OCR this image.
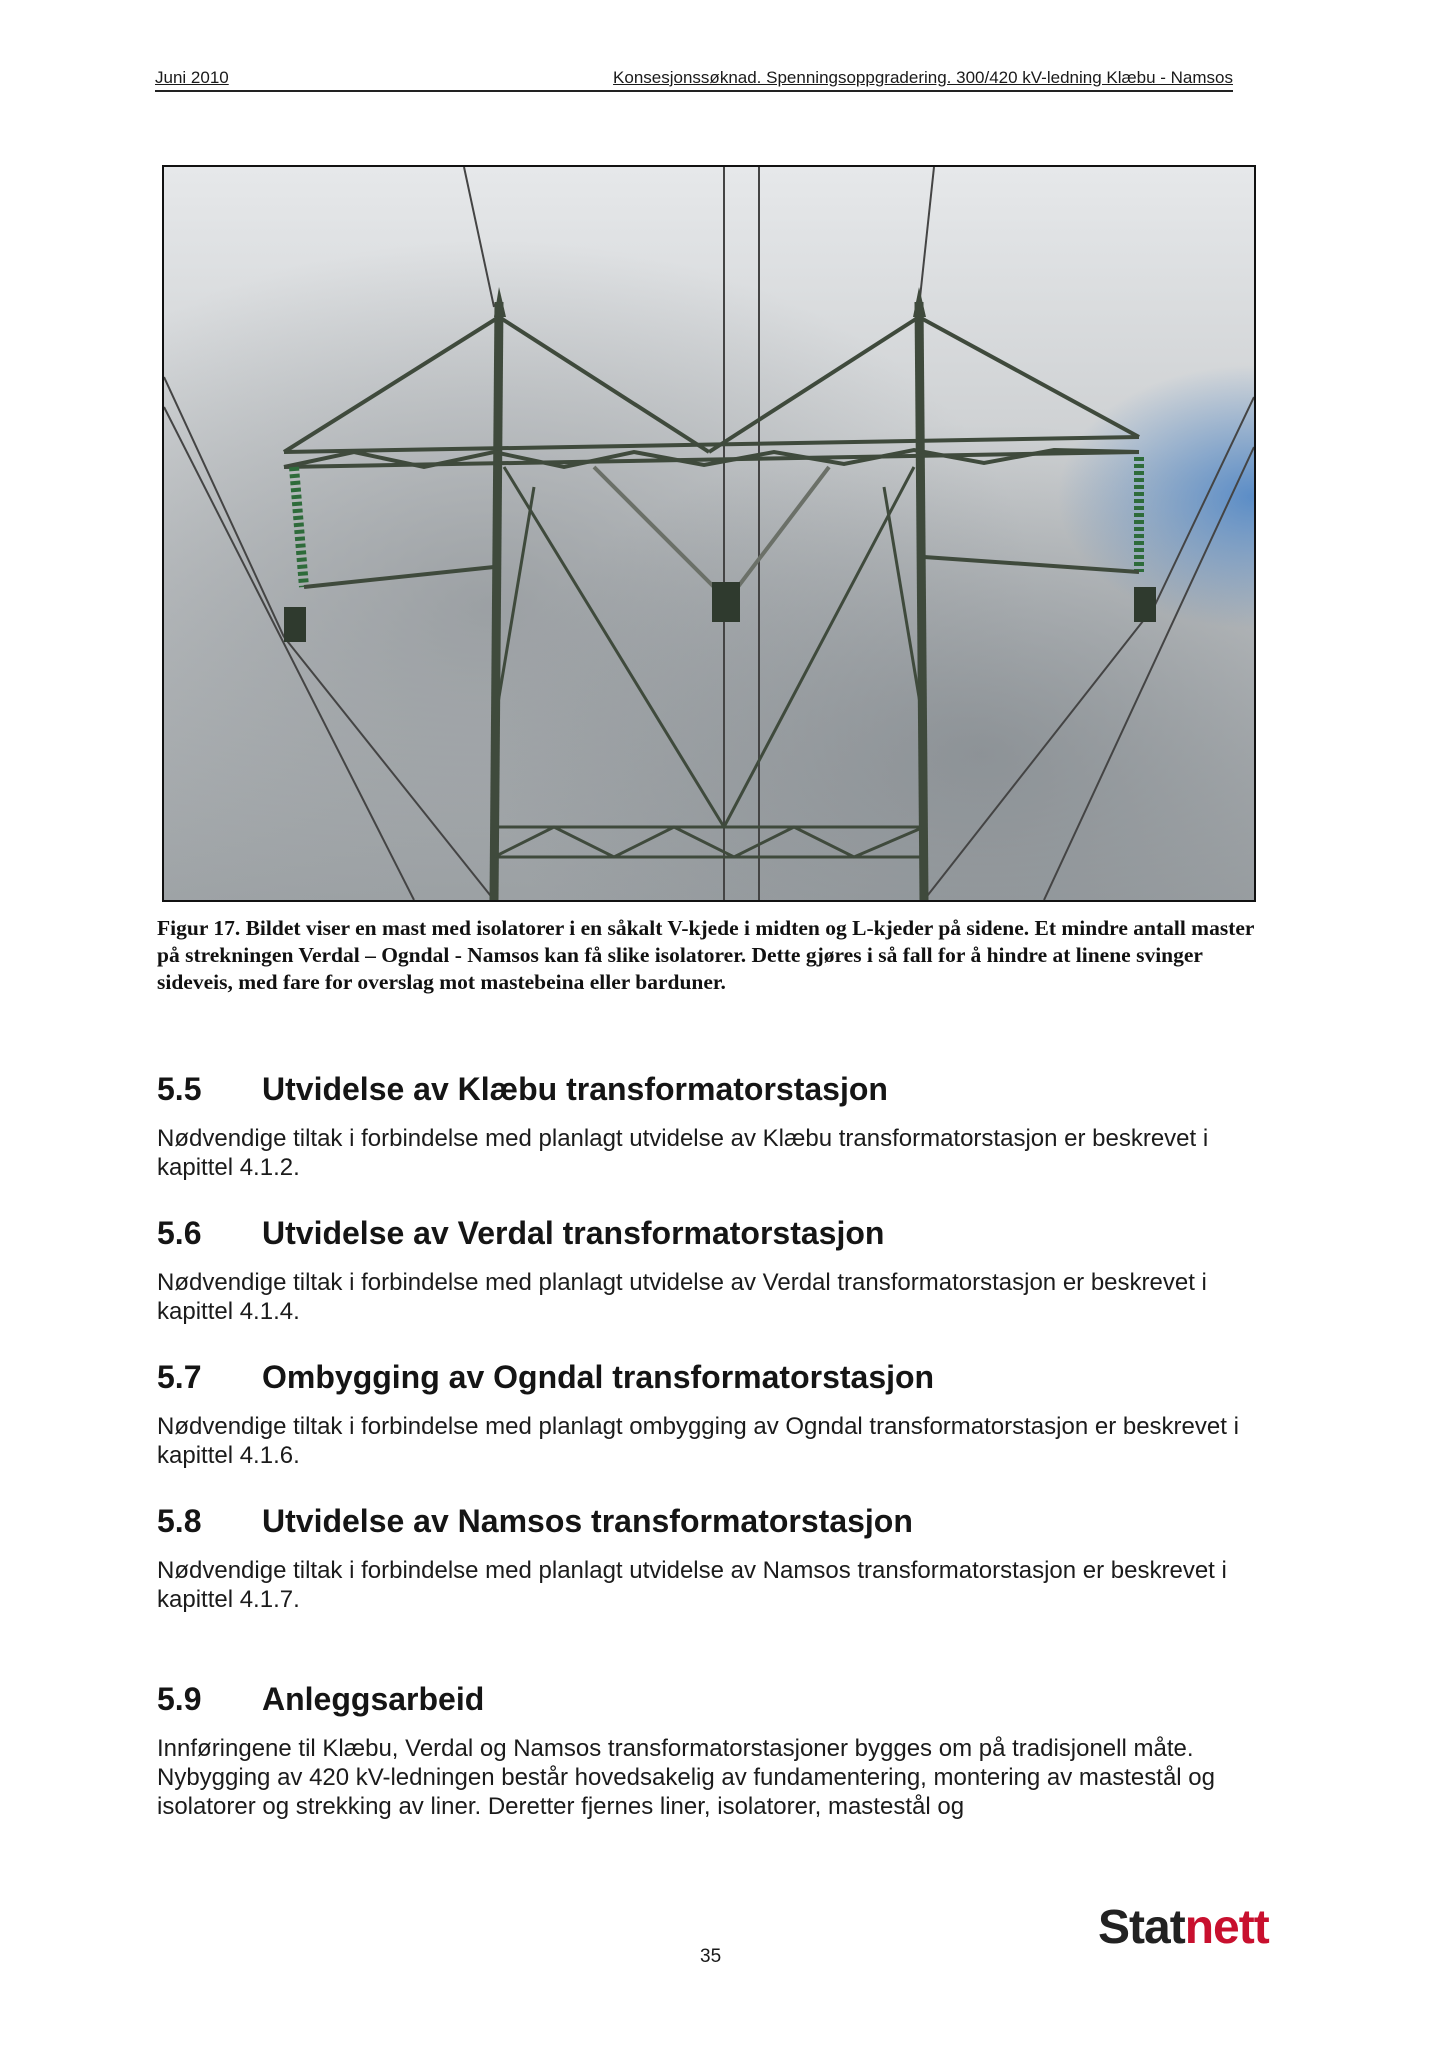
Juni 2010	Konsesjonssøknad. Spenningsoppgradering. 300/420 kV-ledning Klæbu - Namsos

Figur 17. Bildet viser en mast med isolatorer i en såkalt V-kjede i midten og L-kjeder på sidene. Et mindre antall master på strekningen Verdal – Ogndal - Namsos kan få slike isolatorer. Dette gjøres i så fall for å hindre at linene svinger sideveis, med fare for overslag mot mastebeina eller barduner.

5.5 Utvidelse av Klæbu transformatorstasjon

Nødvendige tiltak i forbindelse med planlagt utvidelse av Klæbu transformatorstasjon er beskrevet i kapittel 4.1.2.

5.6 Utvidelse av Verdal transformatorstasjon

Nødvendige tiltak i forbindelse med planlagt utvidelse av Verdal transformatorstasjon er beskrevet i kapittel 4.1.4.

5.7 Ombygging av Ogndal transformatorstasjon

Nødvendige tiltak i forbindelse med planlagt ombygging av Ogndal transformatorstasjon er beskrevet i kapittel 4.1.6.

5.8 Utvidelse av Namsos transformatorstasjon

Nødvendige tiltak i forbindelse med planlagt utvidelse av Namsos transformatorstasjon er beskrevet i kapittel 4.1.7.

5.9 Anleggsarbeid

Innføringene til Klæbu, Verdal og Namsos transformatorstasjoner bygges om på tradisjonell måte. Nybygging av 420 kV-ledningen består hovedsakelig av fundamentering, montering av mastestål og isolatorer og strekking av liner. Deretter fjernes liner, isolatorer, mastestål og

35
Statnett
